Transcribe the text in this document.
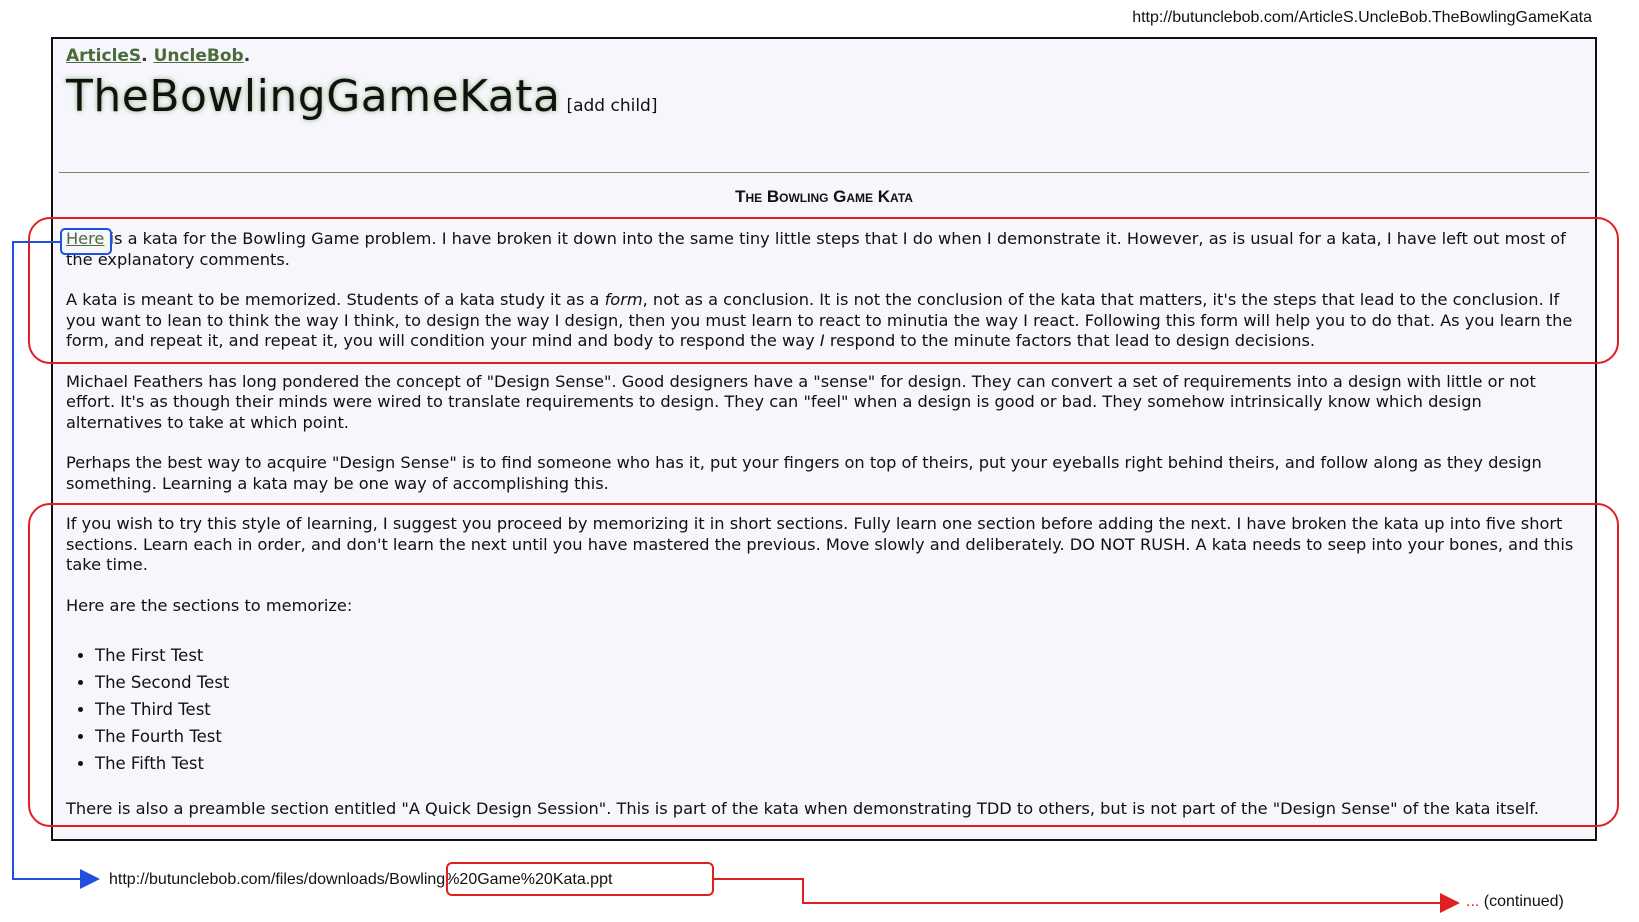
http://butunclebob.com/ArticleS.UncleBob.TheBowlingGameKata
ArticleS. UncleBob.
TheBowlingGameKata [add child]
The Bowling Game Kata

Here is a kata for the Bowling Game problem. I have broken it down into the same tiny little steps that I do when I demonstrate it. However, as is usual for a kata, I have left out most of the explanatory comments.

A kata is meant to be memorized. Students of a kata study it as a form, not as a conclusion. It is not the conclusion of the kata that matters, it's the steps that lead to the conclusion. If you want to lean to think the way I think, to design the way I design, then you must learn to react to minutia the way I react. Following this form will help you to do that. As you learn the form, and repeat it, and repeat it, you will condition your mind and body to respond the way I respond to the minute factors that lead to design decisions.

Michael Feathers has long pondered the concept of "Design Sense". Good designers have a "sense" for design. They can convert a set of requirements into a design with little or not effort. It's as though their minds were wired to translate requirements to design. They can "feel" when a design is good or bad. They somehow intrinsically know which design alternatives to take at which point.

Perhaps the best way to acquire "Design Sense" is to find someone who has it, put your fingers on top of theirs, put your eyeballs right behind theirs, and follow along as they design something. Learning a kata may be one way of accomplishing this.

If you wish to try this style of learning, I suggest you proceed by memorizing it in short sections. Fully learn one section before adding the next. I have broken the kata up into five short sections. Learn each in order, and don't learn the next until you have mastered the previous. Move slowly and deliberately. DO NOT RUSH. A kata needs to seep into your bones, and this take time.

Here are the sections to memorize:

• The First Test
• The Second Test
• The Third Test
• The Fourth Test
• The Fifth Test

There is also a preamble section entitled "A Quick Design Session". This is part of the kata when demonstrating TDD to others, but is not part of the "Design Sense" of the kata itself.

http://butunclebob.com/files/downloads/Bowling%20Game%20Kata.ppt
... (continued)
